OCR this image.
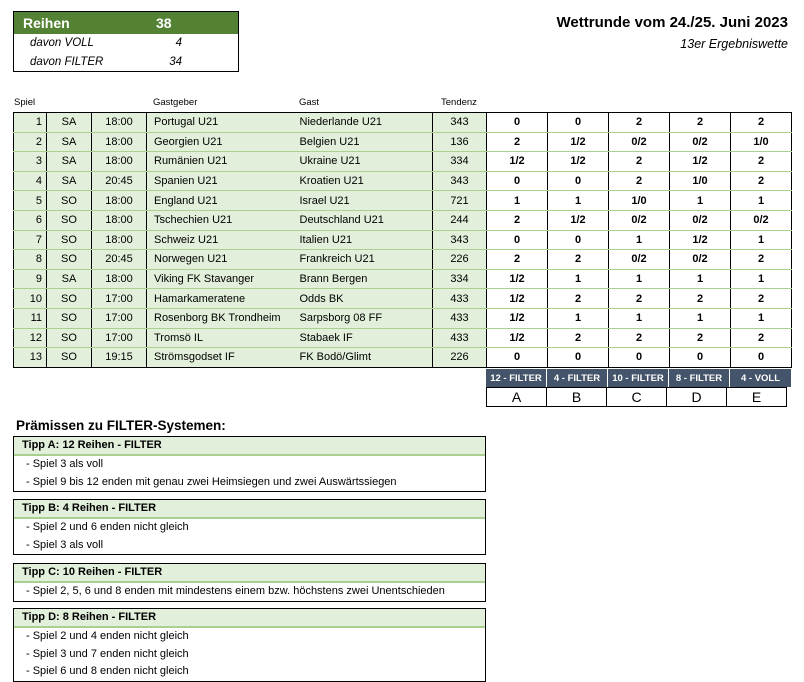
Reihen	38
davon VOLL	4
davon FILTER	34
Wettrunde vom 24./25. Juni 2023
13er Ergebniswette
Spiel	Gastgeber	Gast	Tendenz
1	SA	18:00	Portugal U21	Niederlande U21	343	0	0	2	2	2
2	SA	18:00	Georgien U21	Belgien U21	136	2	1/2	0/2	0/2	1/0
3	SA	18:00	Rumänien U21	Ukraine U21	334	1/2	1/2	2	1/2	2
4	SA	20:45	Spanien U21	Kroatien U21	343	0	0	2	1/0	2
5	SO	18:00	England U21	Israel U21	721	1	1	1/0	1	1
6	SO	18:00	Tschechien U21	Deutschland U21	244	2	1/2	0/2	0/2	0/2
7	SO	18:00	Schweiz U21	Italien U21	343	0	0	1	1/2	1
8	SO	20:45	Norwegen U21	Frankreich U21	226	2	2	0/2	0/2	2
9	SA	18:00	Viking FK Stavanger	Brann Bergen	334	1/2	1	1	1	1
10	SO	17:00	Hamarkameratene	Odds BK	433	1/2	2	2	2	2
11	SO	17:00	Rosenborg BK Trondheim	Sarpsborg 08 FF	433	1/2	1	1	1	1
12	SO	17:00	Tromsö IL	Stabaek IF	433	1/2	2	2	2	2
13	SO	19:15	Strömsgodset IF	FK Bodö/Glimt	226	0	0	0	0	0
12 - FILTER	4 - FILTER	10 - FILTER	8 - FILTER	4 - VOLL
A	B	C	D	E
Prämissen zu FILTER-Systemen:
Tipp A: 12 Reihen - FILTER
- Spiel 3 als voll
- Spiel 9 bis 12 enden mit genau zwei Heimsiegen und zwei Auswärtssiegen
Tipp B: 4 Reihen - FILTER
- Spiel 2 und 6 enden nicht gleich
- Spiel 3 als voll
Tipp C: 10 Reihen - FILTER
- Spiel 2, 5, 6 und 8 enden mit mindestens einem bzw. höchstens zwei Unentschieden
Tipp D: 8 Reihen - FILTER
- Spiel 2 und 4 enden nicht gleich
- Spiel 3 und 7 enden nicht gleich
- Spiel 6 und 8 enden nicht gleich
